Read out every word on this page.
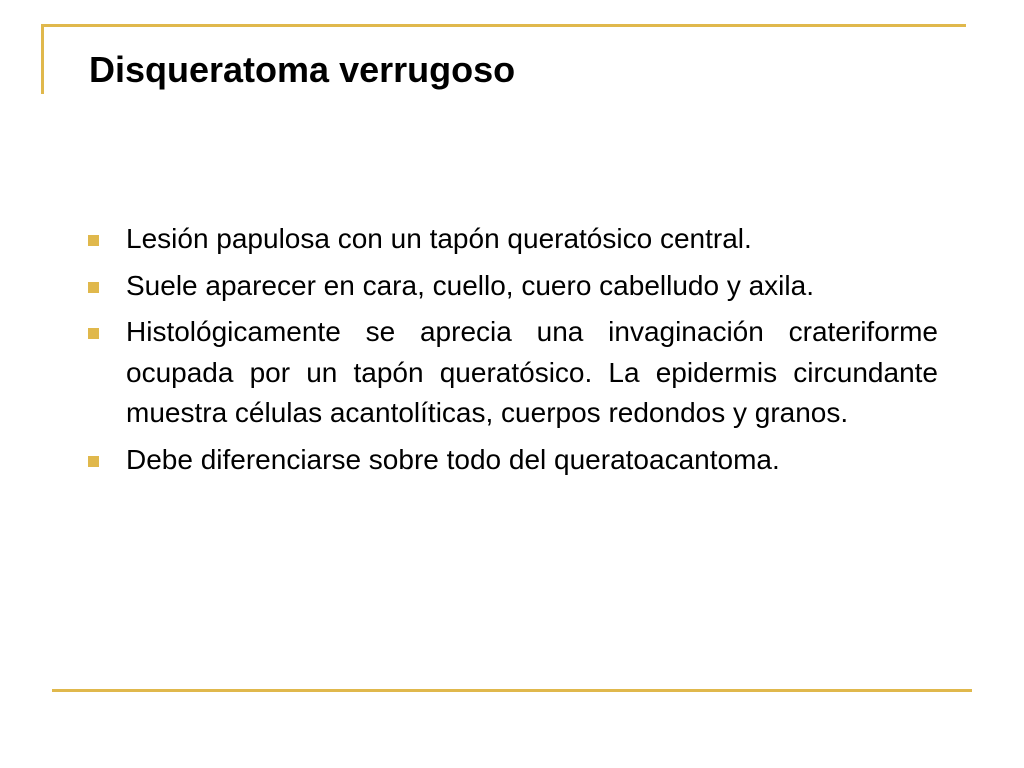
Disqueratoma verrugoso
Lesión papulosa con un tapón queratósico central.
Suele aparecer en cara, cuello, cuero cabelludo y axila.
Histológicamente se aprecia una invaginación crateriforme ocupada por un tapón queratósico. La epidermis circundante muestra células acantolíticas, cuerpos redondos y granos.
Debe diferenciarse sobre todo del queratoacantoma.
